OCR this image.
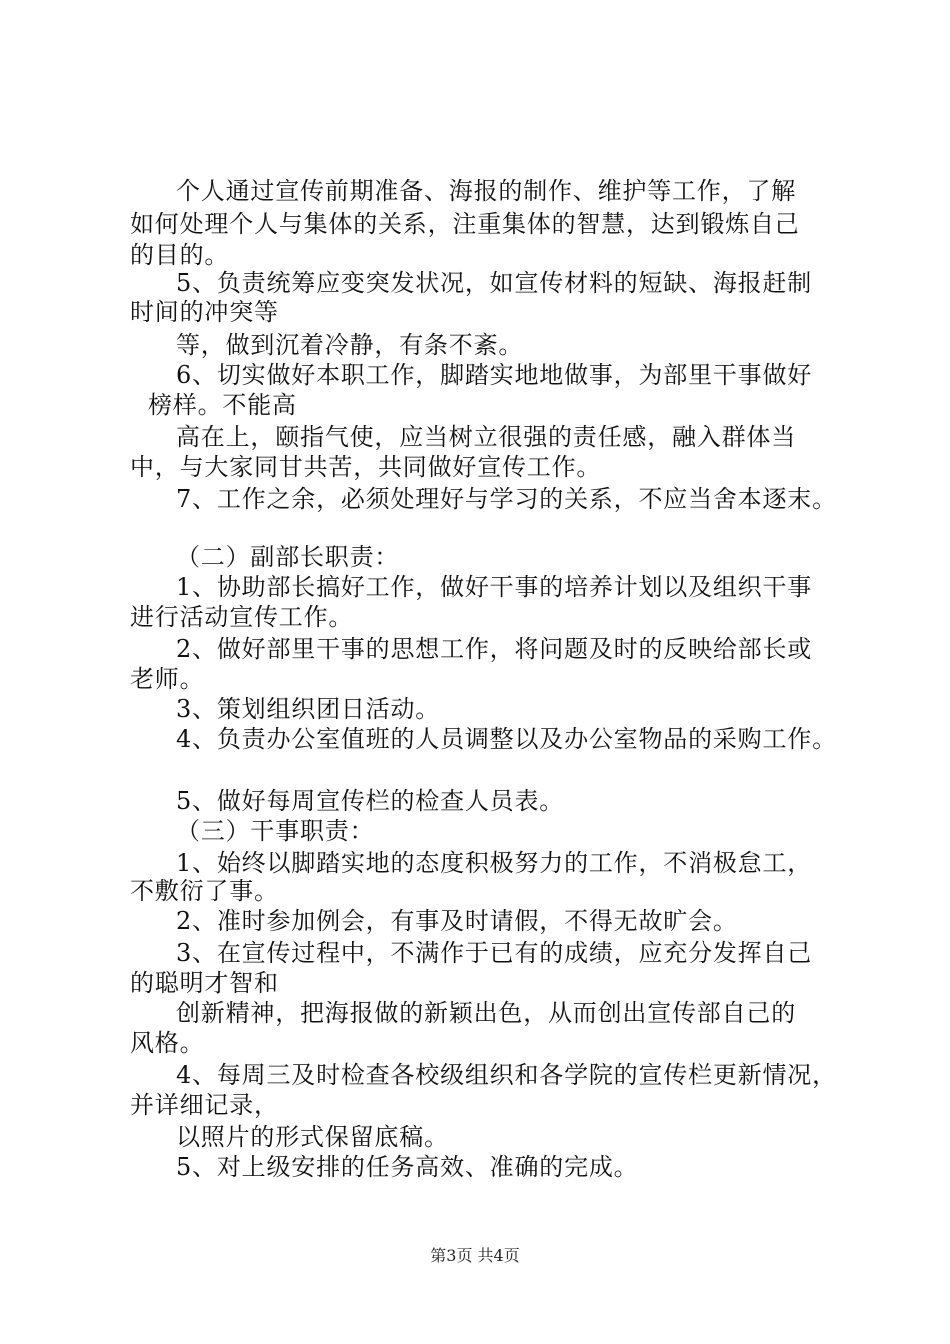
个人通过宣传前期准备、海报的制作、维护等工作，了解
如何处理个人与集体的关系，注重集体的智慧，达到锻炼自己
的目的。
5、负责统筹应变突发状况，如宣传材料的短缺、海报赶制
时间的冲突等
等，做到沉着冷静，有条不紊。
6、切实做好本职工作，脚踏实地地做事，为部里干事做好
榜样。不能高
高在上，颐指气使，应当树立很强的责任感，融入群体当
中，与大家同甘共苦，共同做好宣传工作。
7、工作之余，必须处理好与学习的关系，不应当舍本逐末。
（二）副部长职责：
1、协助部长搞好工作，做好干事的培养计划以及组织干事
进行活动宣传工作。
2、做好部里干事的思想工作，将问题及时的反映给部长或
老师。
3、策划组织团日活动。
4、负责办公室值班的人员调整以及办公室物品的采购工作。
5、做好每周宣传栏的检查人员表。
（三）干事职责：
1、始终以脚踏实地的态度积极努力的工作，不消极怠工，
不敷衍了事。
2、准时参加例会，有事及时请假，不得无故旷会。
3、在宣传过程中，不满作于已有的成绩，应充分发挥自己
的聪明才智和
创新精神，把海报做的新颖出色，从而创出宣传部自己的
风格。
4、每周三及时检查各校级组织和各学院的宣传栏更新情况，
并详细记录，
以照片的形式保留底稿。
5、对上级安排的任务高效、准确的完成。
第3页 共4页
